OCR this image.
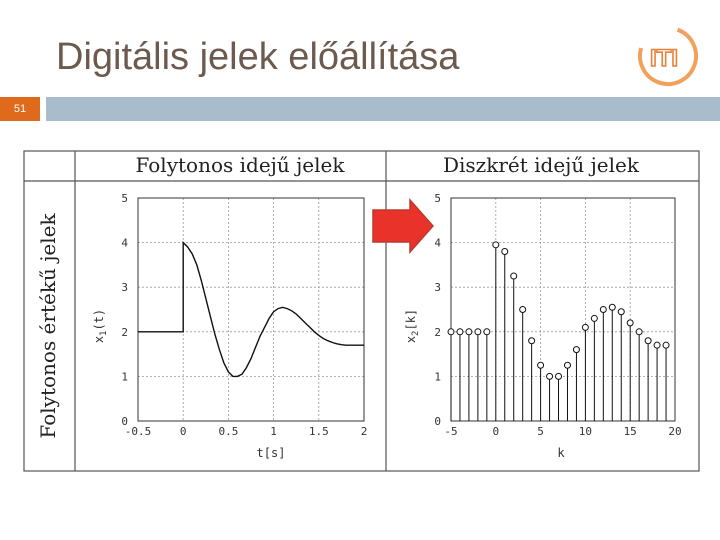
Digitális jelek előállítása	ITI
51
Folytonos idejű jelek	Diszkrét idejű jelek
Folytonos értékű jelek	$x_1(t)$
t[s]
-0.5	0	0.5	1	1.5	2
0
1
2
3
4
5
$x_2[k]$
k
-5	0	5	10	15	20
0
1
2
3
4
5
